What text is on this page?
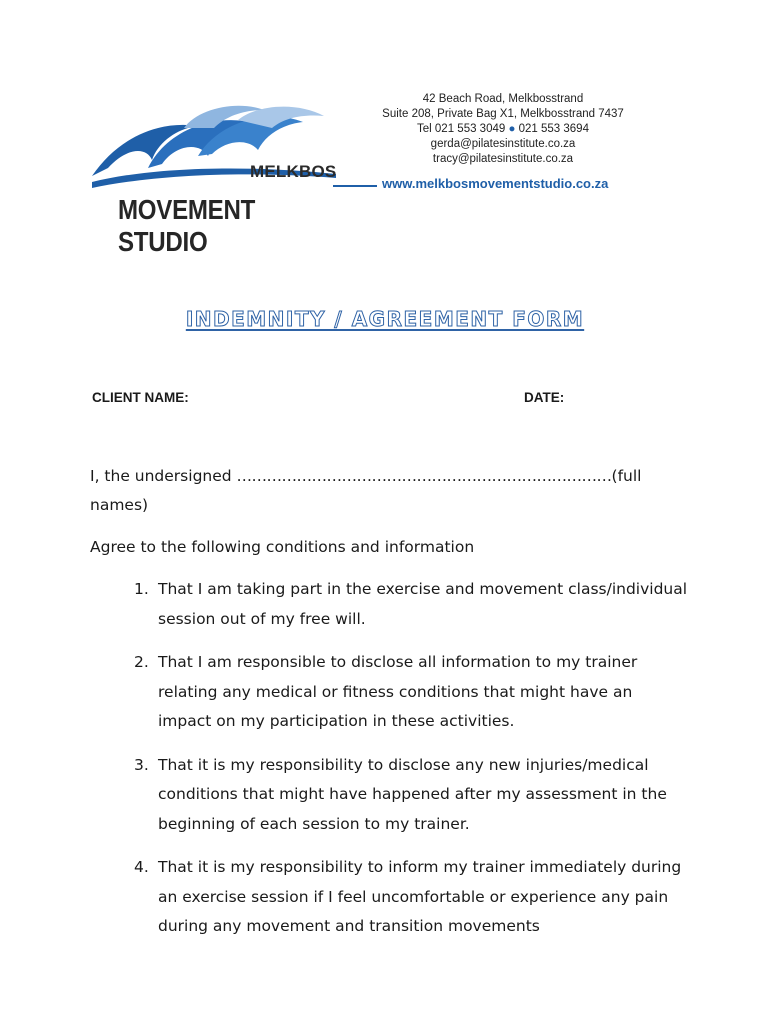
MELKBOS
MOVEMENT STUDIO
42 Beach Road, Melkbosstrand
Suite 208, Private Bag X1, Melkbosstrand 7437
Tel 021 553 3049 ● 021 553 3694
gerda@pilatesinstitute.co.za
tracy@pilatesinstitute.co.za
www.melkbosmovementstudio.co.za
INDEMNITY / AGREEMENT FORM
CLIENT NAME:	DATE:
I, the undersigned …………………………………………………………………(full names)
Agree to the following conditions and information
1. That I am taking part in the exercise and movement class/individual session out of my free will.
2. That I am responsible to disclose all information to my trainer relating any medical or fitness conditions that might have an impact on my participation in these activities.
3. That it is my responsibility to disclose any new injuries/medical conditions that might have happened after my assessment in the beginning of each session to my trainer.
4. That it is my responsibility to inform my trainer immediately during an exercise session if I feel uncomfortable or experience any pain during any movement and transition movements
